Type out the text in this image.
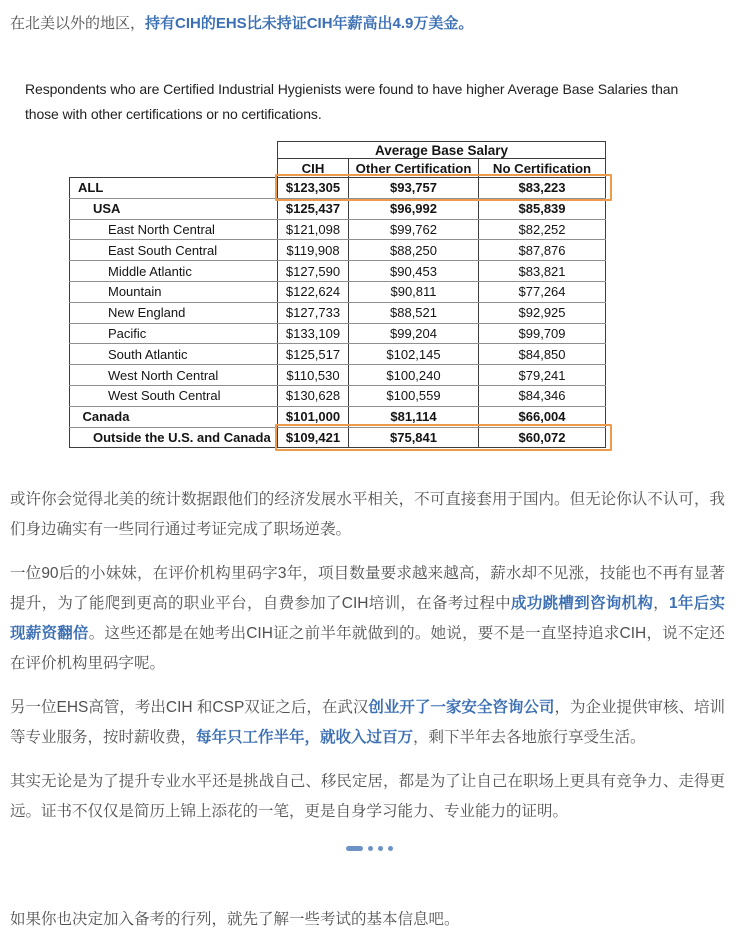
在北美以外的地区，持有CIH的EHS比未持证CIH年薪高出4.9万美金。

Respondents who are Certified Industrial Hygienists were found to have higher Average Base Salaries than
those with other certifications or no certifications.
	Average Base Salary		
	CIH	Other Certification	No Certification
ALL	$123,305	$93,757	$83,223
USA	$125,437	$96,992	$85,839
East North Central	$121,098	$99,762	$82,252
East South Central	$119,908	$88,250	$87,876
Middle Atlantic	$127,590	$90,453	$83,821
Mountain	$122,624	$90,811	$77,264
New England	$127,733	$88,521	$92,925
Pacific	$133,109	$99,204	$99,709
South Atlantic	$125,517	$102,145	$84,850
West North Central	$110,530	$100,240	$79,241
West South Central	$130,628	$100,559	$84,346
Canada	$101,000	$81,114	$66,004
Outside the U.S. and Canada	$109,421	$75,841	$60,072

或许你会觉得北美的统计数据跟他们的经济发展水平相关，不可直接套用于国内。但无论你认不认可，我们身边确实有一些同行通过考证完成了职场逆袭。

一位90后的小妹妹，在评价机构里码字3年，项目数量要求越来越高，薪水却不见涨，技能也不再有显著提升，为了能爬到更高的职业平台，自费参加了CIH培训，在备考过程中成功跳槽到咨询机构，1年后实现薪资翻倍。这些还都是在她考出CIH证之前半年就做到的。她说，要不是一直坚持追求CIH，说不定还在评价机构里码字呢。

另一位EHS高管，考出CIH 和CSP双证之后，在武汉创业开了一家安全咨询公司，为企业提供审核、培训等专业服务，按时薪收费，每年只工作半年，就收入过百万，剩下半年去各地旅行享受生活。

其实无论是为了提升专业水平还是挑战自己、移民定居，都是为了让自己在职场上更具有竞争力、走得更远。证书不仅仅是简历上锦上添花的一笔，更是自身学习能力、专业能力的证明。

如果你也决定加入备考的行列，就先了解一些考试的基本信息吧。
